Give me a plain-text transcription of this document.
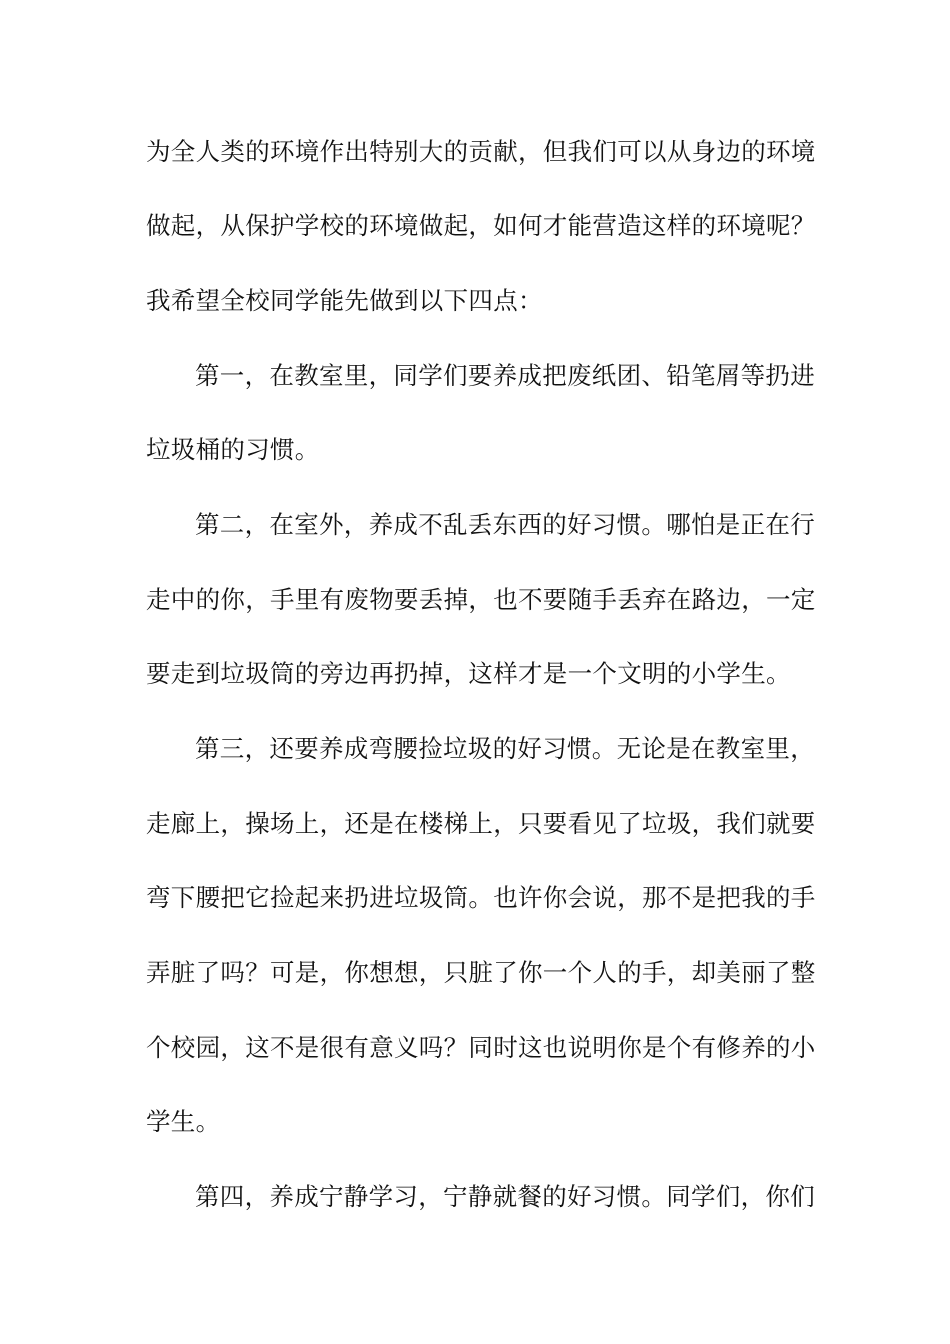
为全人类的环境作出特别大的贡献，但我们可以从身边的环境
做起，从保护学校的环境做起，如何才能营造这样的环境呢？
我希望全校同学能先做到以下四点：
第一，在教室里，同学们要养成把废纸团、铅笔屑等扔进
垃圾桶的习惯。
第二，在室外，养成不乱丢东西的好习惯。哪怕是正在行
走中的你，手里有废物要丢掉，也不要随手丢弃在路边，一定
要走到垃圾筒的旁边再扔掉，这样才是一个文明的小学生。
第三，还要养成弯腰捡垃圾的好习惯。无论是在教室里，
走廊上，操场上，还是在楼梯上，只要看见了垃圾，我们就要
弯下腰把它捡起来扔进垃圾筒。也许你会说，那不是把我的手
弄脏了吗？可是，你想想，只脏了你一个人的手，却美丽了整
个校园，这不是很有意义吗？同时这也说明你是个有修养的小
学生。
第四，养成宁静学习，宁静就餐的好习惯。同学们，你们
